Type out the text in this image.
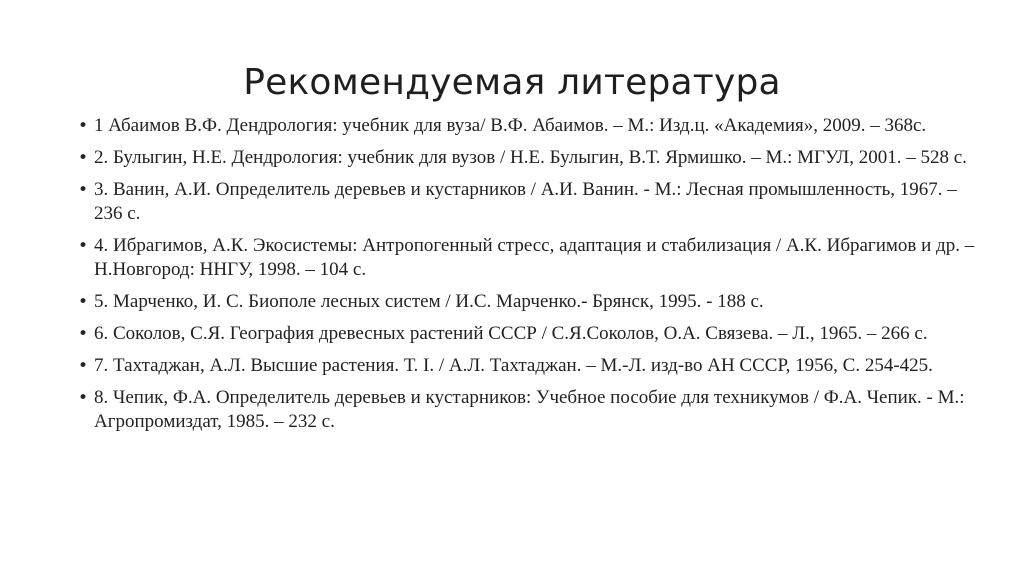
Рекомендуемая литература
• 1 Абаимов В.Ф. Дендрология: учебник для вуза/ В.Ф. Абаимов. – М.: Изд.ц. «Академия», 2009. – 368с.
• 2. Булыгин, Н.Е. Дендрология: учебник для вузов / Н.Е. Булыгин, В.Т. Ярмишко. – М.: МГУЛ, 2001. – 528 с.
• 3. Ванин, А.И. Определитель деревьев и кустарников / А.И. Ванин. - М.: Лесная промышленность, 1967. – 236 с.
• 4. Ибрагимов, А.К. Экосистемы: Антропогенный стресс, адаптация и стабилизация / А.К. Ибрагимов и др. – Н.Новгород: ННГУ, 1998. – 104 с.
• 5. Марченко, И. С. Биополе лесных систем / И.С. Марченко.- Брянск, 1995. - 188 с.
• 6. Соколов, С.Я. География древесных растений СССР / С.Я.Соколов, О.А. Связева. – Л., 1965. – 266 с.
• 7. Тахтаджан, А.Л. Высшие растения. Т. I. / А.Л. Тахтаджан. – М.-Л. изд-во АН СССР, 1956, С. 254-425.
• 8. Чепик, Ф.А. Определитель деревьев и кустарников: Учебное пособие для техникумов / Ф.А. Чепик. - М.: Агропромиздат, 1985. – 232 с.
